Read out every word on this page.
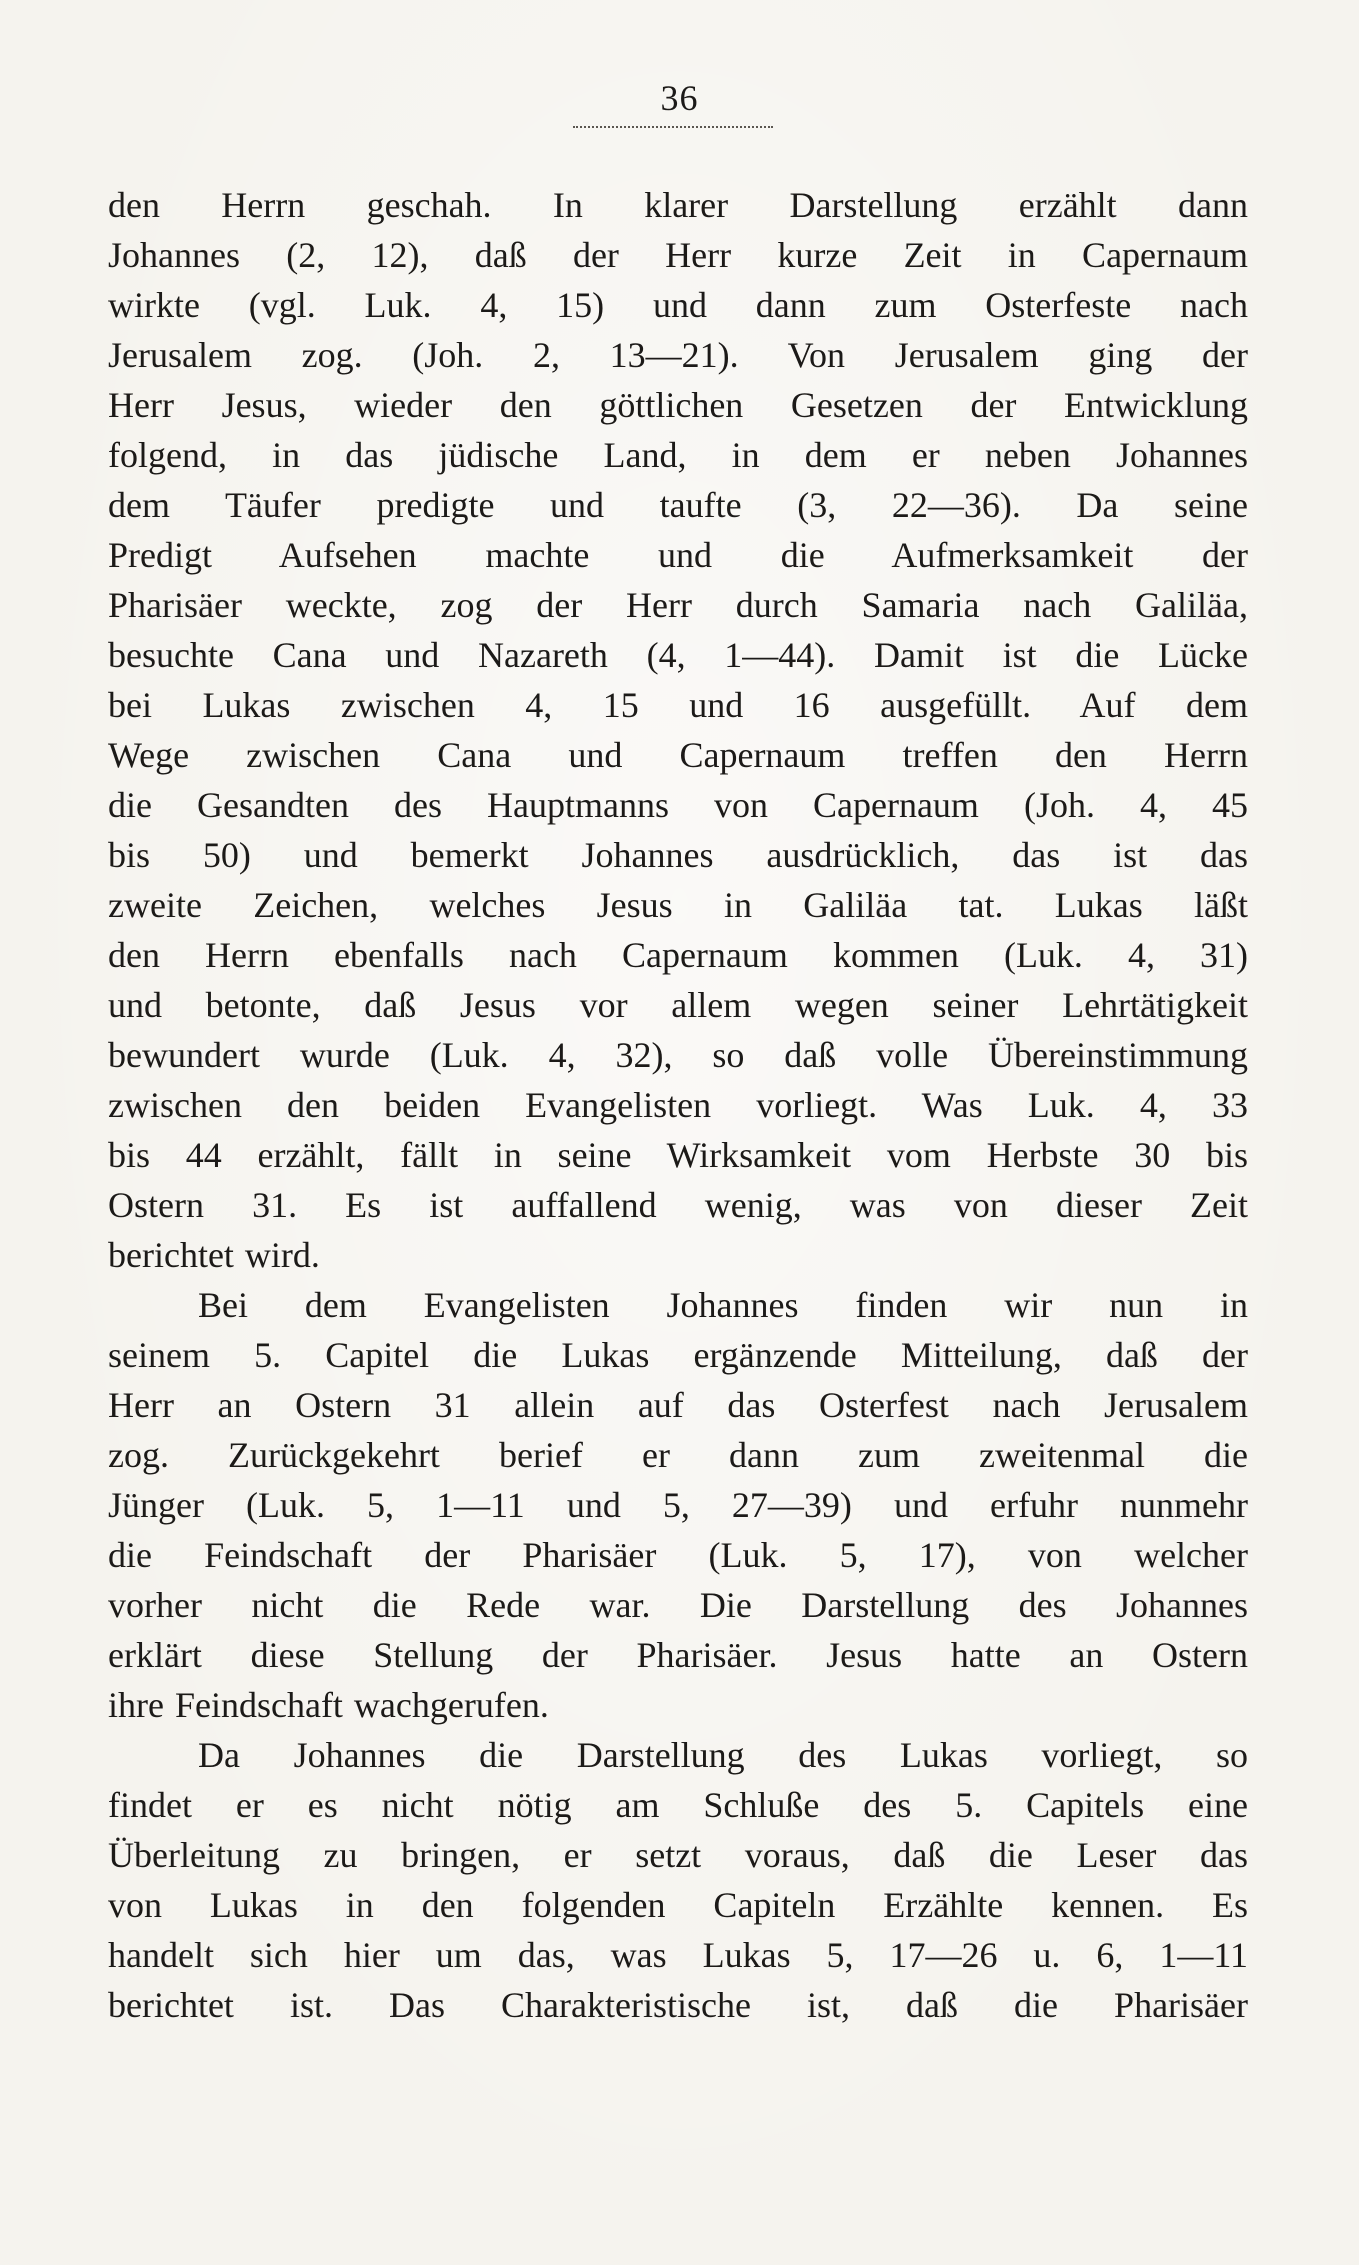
36
den Herrn geschah. In klarer Darstellung erzählt dann
Johannes (2, 12), daß der Herr kurze Zeit in Capernaum
wirkte (vgl. Luk. 4, 15) und dann zum Osterfeste nach
Jerusalem zog. (Joh. 2, 13—21). Von Jerusalem ging der
Herr Jesus, wieder den göttlichen Gesetzen der Entwicklung
folgend, in das jüdische Land, in dem er neben Johannes
dem Täufer predigte und taufte (3, 22—36). Da seine
Predigt Aufsehen machte und die Aufmerksamkeit der
Pharisäer weckte, zog der Herr durch Samaria nach Galiläa,
besuchte Cana und Nazareth (4, 1—44). Damit ist die Lücke
bei Lukas zwischen 4, 15 und 16 ausgefüllt. Auf dem
Wege zwischen Cana und Capernaum treffen den Herrn
die Gesandten des Hauptmanns von Capernaum (Joh. 4, 45
bis 50) und bemerkt Johannes ausdrücklich, das ist das
zweite Zeichen, welches Jesus in Galiläa tat. Lukas läßt
den Herrn ebenfalls nach Capernaum kommen (Luk. 4, 31)
und betonte, daß Jesus vor allem wegen seiner Lehrtätigkeit
bewundert wurde (Luk. 4, 32), so daß volle Übereinstimmung
zwischen den beiden Evangelisten vorliegt. Was Luk. 4, 33
bis 44 erzählt, fällt in seine Wirksamkeit vom Herbste 30 bis
Ostern 31. Es ist auffallend wenig, was von dieser Zeit
berichtet wird.
Bei dem Evangelisten Johannes finden wir nun in
seinem 5. Capitel die Lukas ergänzende Mitteilung, daß der
Herr an Ostern 31 allein auf das Osterfest nach Jerusalem
zog. Zurückgekehrt berief er dann zum zweitenmal die
Jünger (Luk. 5, 1—11 und 5, 27—39) und erfuhr nunmehr
die Feindschaft der Pharisäer (Luk. 5, 17), von welcher
vorher nicht die Rede war. Die Darstellung des Johannes
erklärt diese Stellung der Pharisäer. Jesus hatte an Ostern
ihre Feindschaft wachgerufen.
Da Johannes die Darstellung des Lukas vorliegt, so
findet er es nicht nötig am Schluße des 5. Capitels eine
Überleitung zu bringen, er setzt voraus, daß die Leser das
von Lukas in den folgenden Capiteln Erzählte kennen. Es
handelt sich hier um das, was Lukas 5, 17—26 u. 6, 1—11
berichtet ist. Das Charakteristische ist, daß die Pharisäer
